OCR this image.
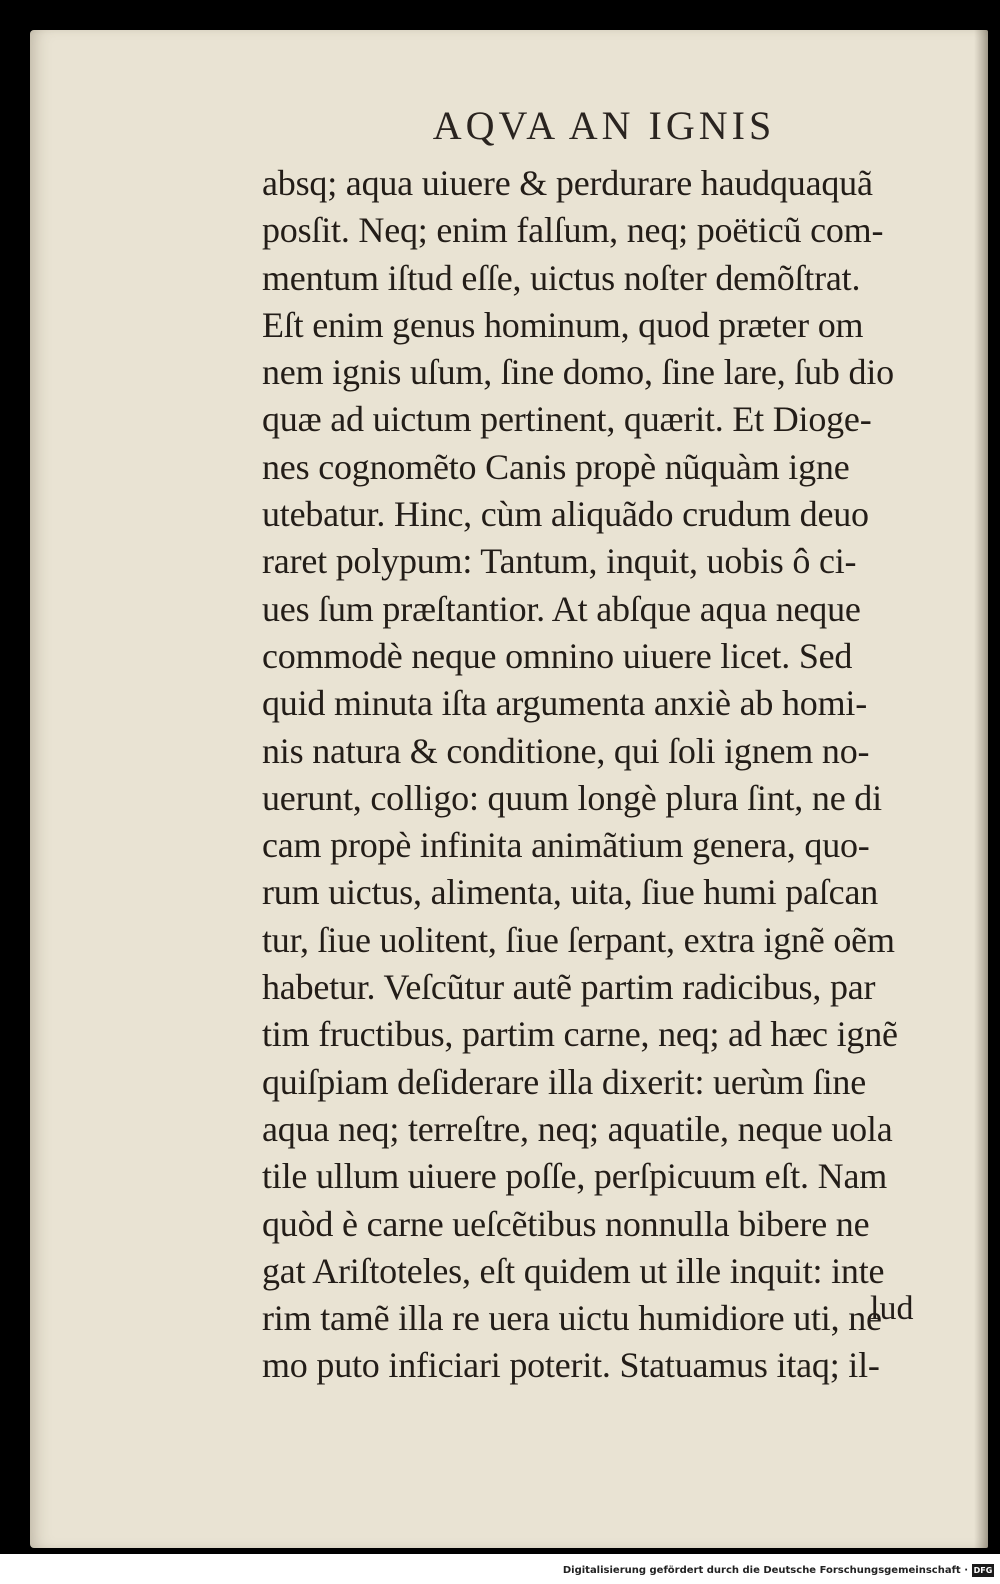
AQVA AN IGNIS
absq; aqua uiuere & perdurare haudquaquã
posſit. Neq; enim falſum, neq; poëticũ com-
mentum iſtud eſſe, uictus noſter demõſtrat.
Eſt enim genus hominum, quod præter om
nem ignis uſum, ſine domo, ſine lare, ſub dio
quæ ad uictum pertinent, quærit. Et Dioge-
nes cognomẽto Canis propè nũquàm igne
utebatur. Hinc, cùm aliquãdo crudum deuo
raret polypum: Tantum, inquit, uobis ô ci-
ues ſum præſtantior. At abſque aqua neque
commodè neque omnino uiuere licet. Sed
quid minuta iſta argumenta anxiè ab homi-
nis natura & conditione, qui ſoli ignem no-
uerunt, colligo: quum longè plura ſint, ne di
cam propè infinita animãtium genera, quo-
rum uictus, alimenta, uita, ſiue humi paſcan
tur, ſiue uolitent, ſiue ſerpant, extra ignẽ oẽm
habetur. Veſcũtur autẽ partim radicibus, par
tim fructibus, partim carne, neq; ad hæc ignẽ
quiſpiam deſiderare illa dixerit: uerùm ſine
aqua neq; terreſtre, neq; aquatile, neque uola
tile ullum uiuere poſſe, perſpicuum eſt. Nam
quòd è carne ueſcẽtibus nonnulla bibere ne
gat Ariſtoteles, eſt quidem ut ille inquit: inte
rim tamẽ illa re uera uictu humidiore uti, ne
mo puto inficiari poterit. Statuamus itaq; il-
lud
Digitalisierung gefördert durch die Deutsche Forschungsgemeinschaft · DFG
